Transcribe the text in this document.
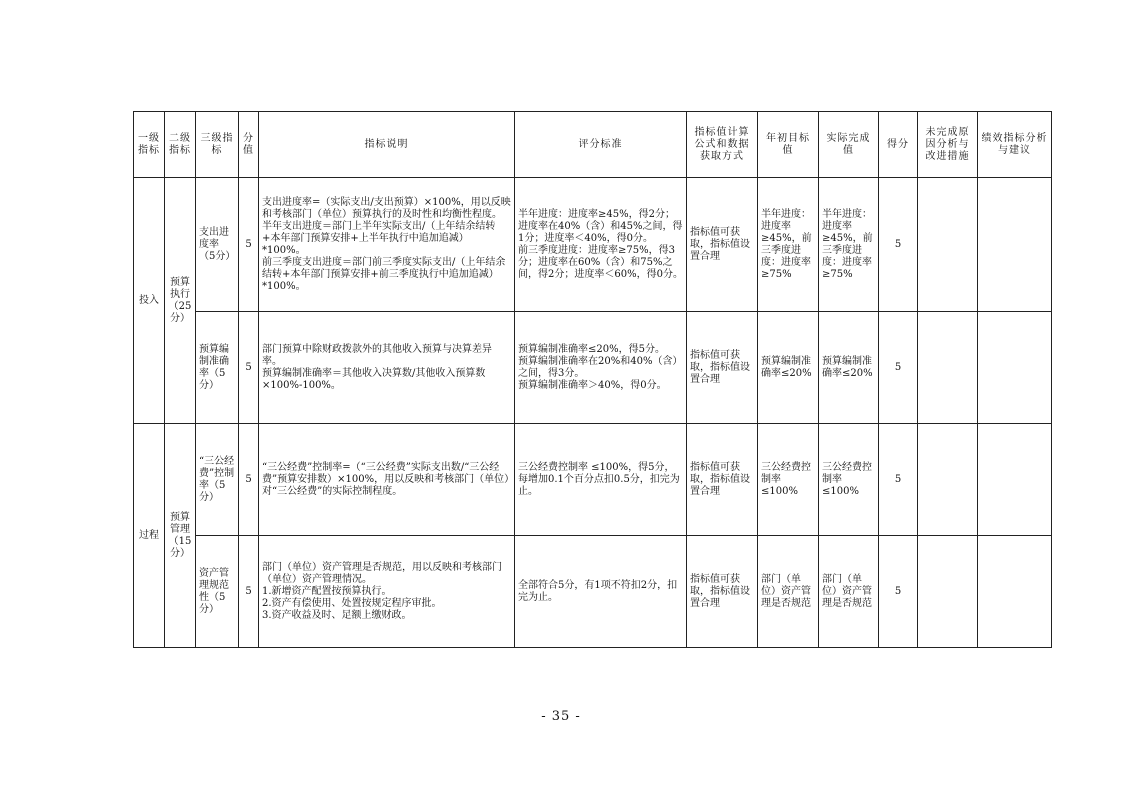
一级指标	二级指标	三级指标	分值	指标说明	评分标准	指标值计算公式和数据获取方式	年初目标值	实际完成值	得分	未完成原因分析与改进措施	绩效指标分析与建议
投入	预算执行（25分）	支出进度率（5分）	5	支出进度率=（实际支出/支出预算）×100%，用以反映和考核部门（单位）预算执行的及时性和均衡性程度。
半年支出进度＝部门上半年实际支出/（上年结余结转+本年部门预算安排+上半年执行中追加追减）*100%。
前三季度支出进度＝部门前三季度实际支出/（上年结余结转+本年部门预算安排+前三季度执行中追加追减）*100%。	半年进度：进度率≥45%，得2分；进度率在40%（含）和45%之间，得1分；进度率＜40%，得0分。
前三季度进度：进度率≥75%，得3分；进度率在60%（含）和75%之间，得2分；进度率＜60%，得0分。	指标值可获取，指标值设置合理	半年进度：进度率≥45%，前三季度进度：进度率≥75%	半年进度：进度率≥45%，前三季度进度：进度率≥75%	5		
		预算编制准确率（5分）	5	部门预算中除财政拨款外的其他收入预算与决算差异率。
预算编制准确率＝其他收入决算数/其他收入预算数×100%-100%。	预算编制准确率≤20%，得5分。
预算编制准确率在20%和40%（含）之间，得3分。
预算编制准确率＞40%，得0分。	指标值可获取，指标值设置合理	预算编制准确率≤20%	预算编制准确率≤20%	5		
过程	预算管理（15分）	“三公经费”控制率（5分）	5	“三公经费”控制率=（“三公经费”实际支出数/“三公经费”预算安排数）×100%，用以反映和考核部门（单位）对“三公经费”的实际控制程度。	三公经费控制率 ≤100%，得5分，每增加0.1个百分点扣0.5分，扣完为止。	指标值可获取，指标值设置合理	三公经费控制率≤100%	三公经费控制率≤100%	5		
		资产管理规范性（5分）	5	部门（单位）资产管理是否规范，用以反映和考核部门（单位）资产管理情况。
1.新增资产配置按预算执行。
2.资产有偿使用、处置按规定程序审批。
3.资产收益及时、足额上缴财政。	全部符合5分，有1项不符扣2分，扣完为止。	指标值可获取，指标值设置合理	部门（单位）资产管理是否规范	部门（单位）资产管理是否规范	5		
- 35 -
